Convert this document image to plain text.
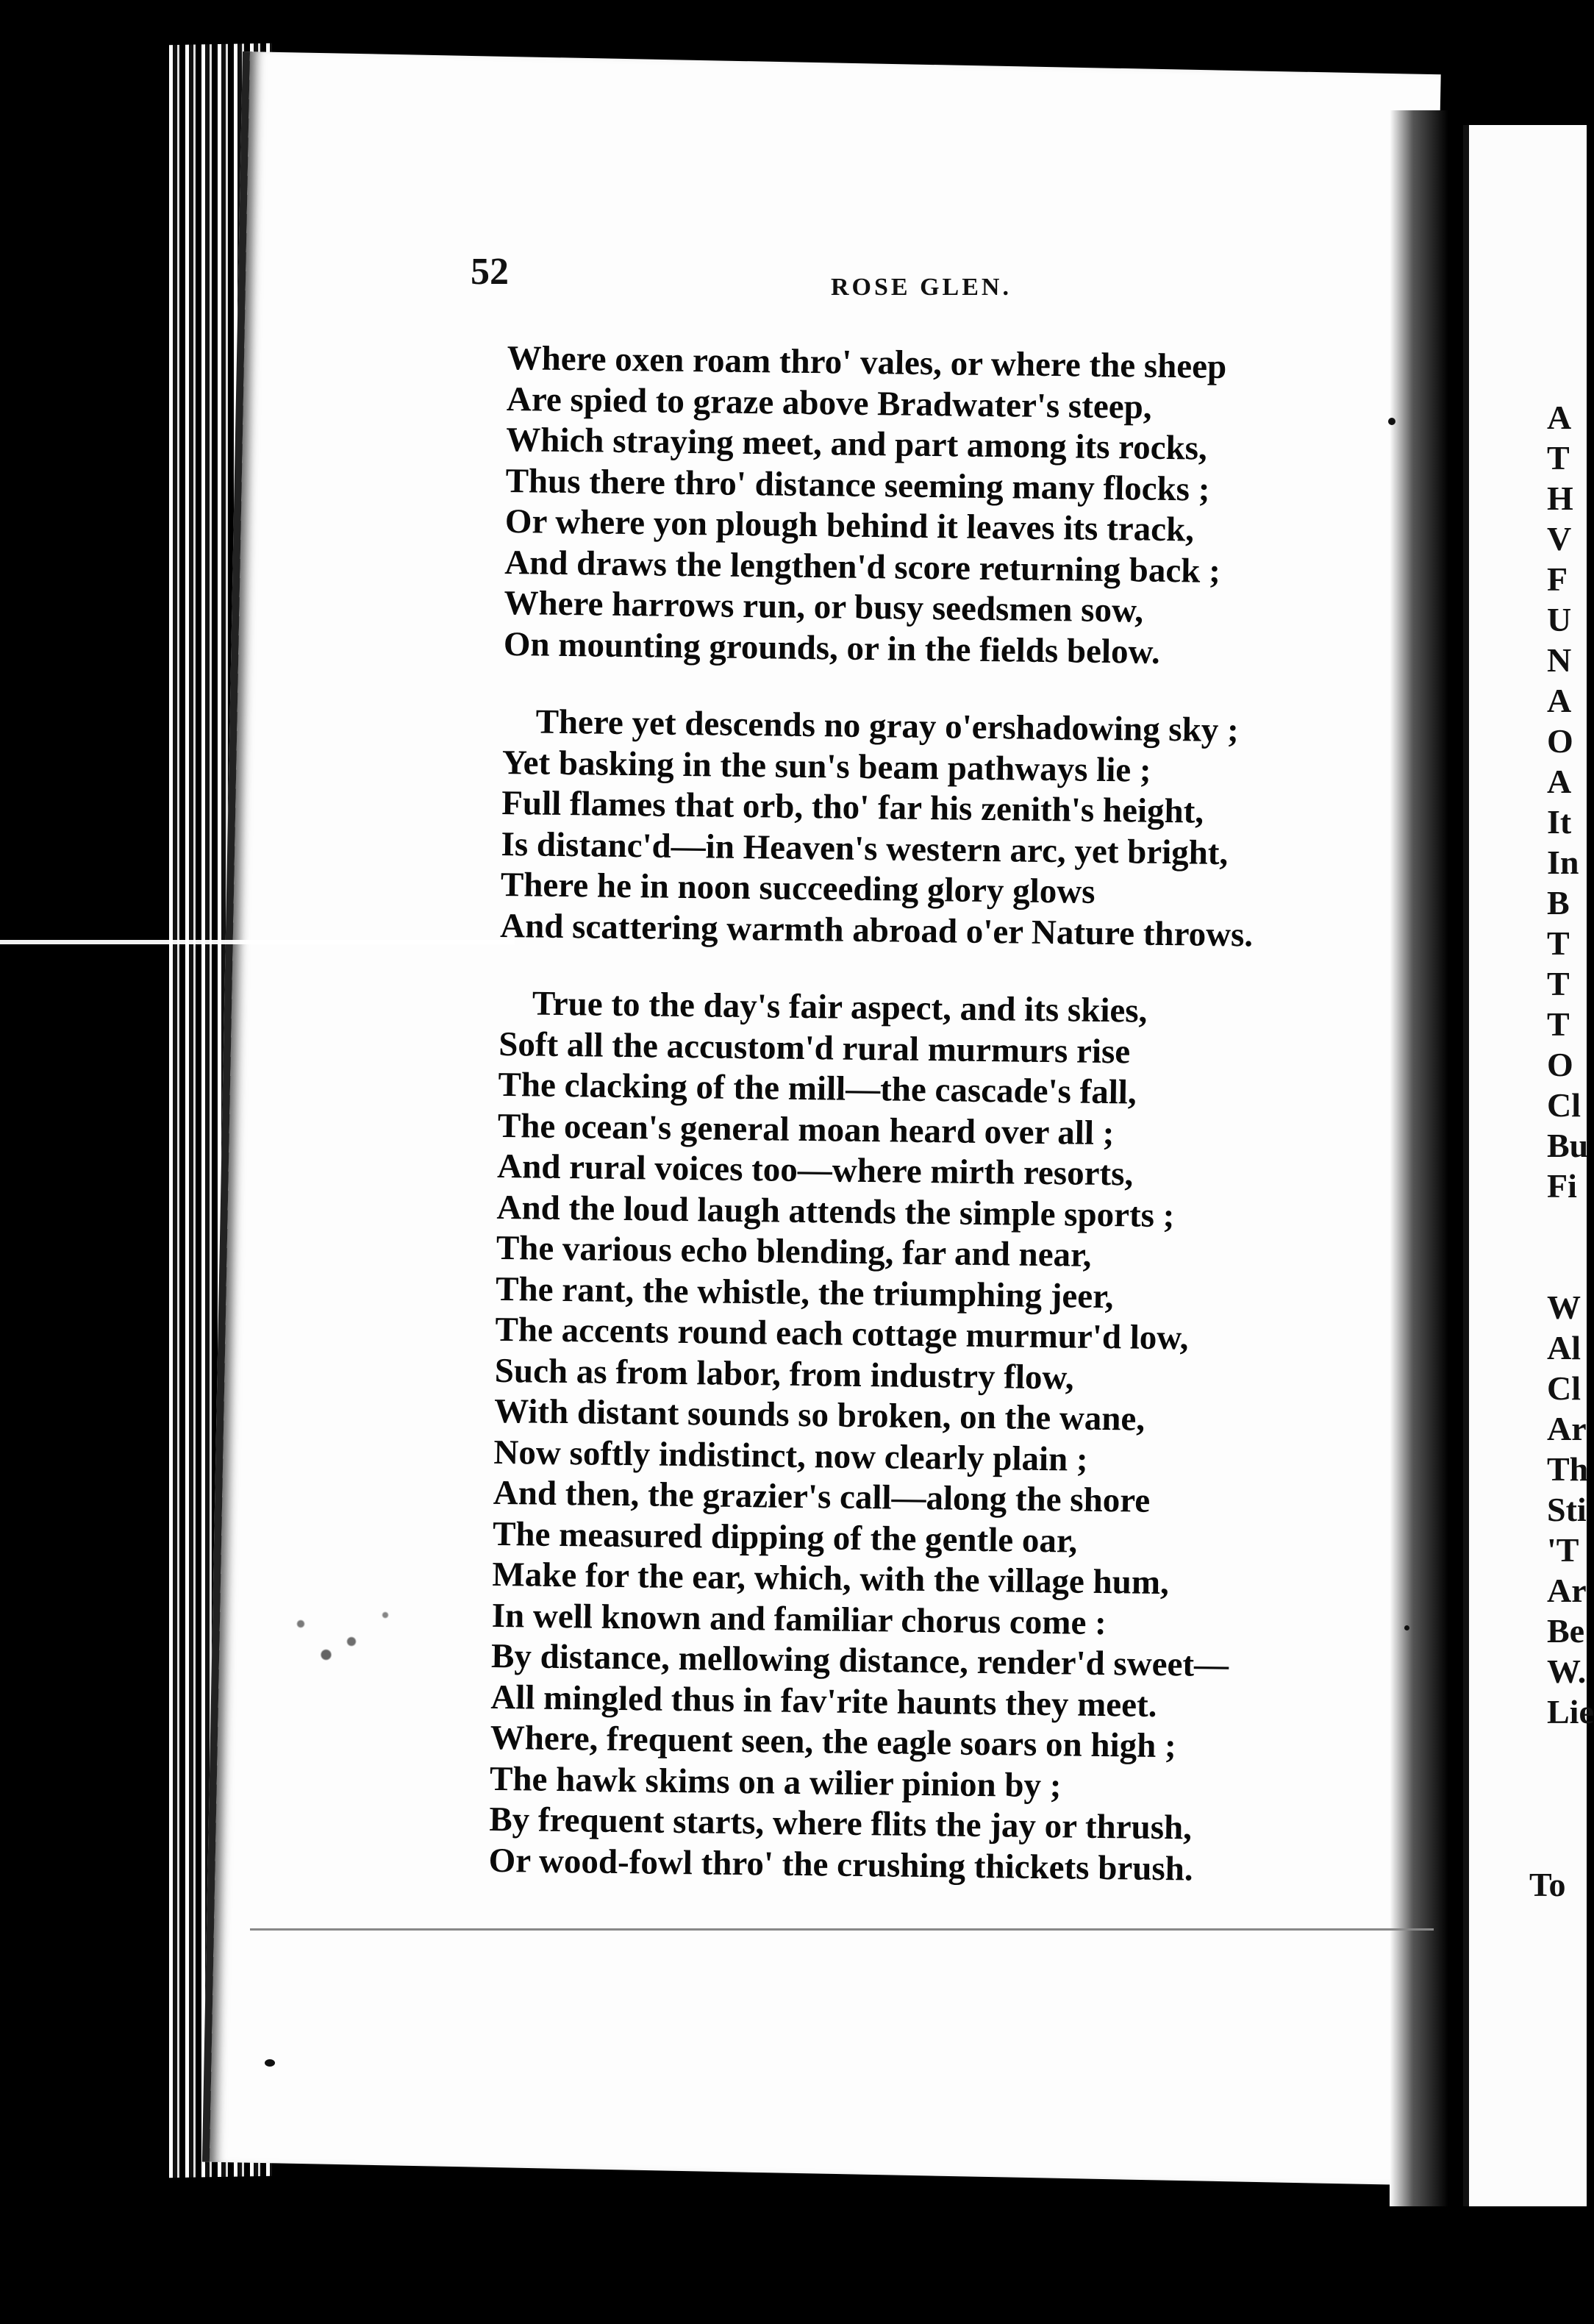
52	ROSE GLEN.
Where oxen roam thro' vales, or where the sheep
Are spied to graze above Bradwater's steep,
Which straying meet, and part among its rocks,
Thus there thro' distance seeming many flocks ;
Or where yon plough behind it leaves its track,
And draws the lengthen'd score returning back ;
Where harrows run, or busy seedsmen sow,
On mounting grounds, or in the fields below.
There yet descends no gray o'ershadowing sky ;
Yet basking in the sun's beam pathways lie ;
Full flames that orb, tho' far his zenith's height,
Is distanc'd—in Heaven's western arc, yet bright,
There he in noon succeeding glory glows
And scattering warmth abroad o'er Nature throws.
True to the day's fair aspect, and its skies,
Soft all the accustom'd rural murmurs rise
The clacking of the mill—the cascade's fall,
The ocean's general moan heard over all ;
And rural voices too—where mirth resorts,
And the loud laugh attends the simple sports ;
The various echo blending, far and near,
The rant, the whistle, the triumphing jeer,
The accents round each cottage murmur'd low,
Such as from labor, from industry flow,
With distant sounds so broken, on the wane,
Now softly indistinct, now clearly plain ;
And then, the grazier's call—along the shore
The measured dipping of the gentle oar,
Make for the ear, which, with the village hum,
In well known and familiar chorus come :
By distance, mellowing distance, render'd sweet—
All mingled thus in fav'rite haunts they meet.
Where, frequent seen, the eagle soars on high ;
The hawk skims on a wilier pinion by ;
By frequent starts, where flits the jay or thrush,
Or wood-fowl thro' the crushing thickets brush.
A
T
H
V
F
U
N
A
O
A
It
In
B
T
T
T
O
Cl
Bu
Fi
W
Al
Cl
Ar
Th
Sti
'T
Ar
Be
W.
Lie
To
